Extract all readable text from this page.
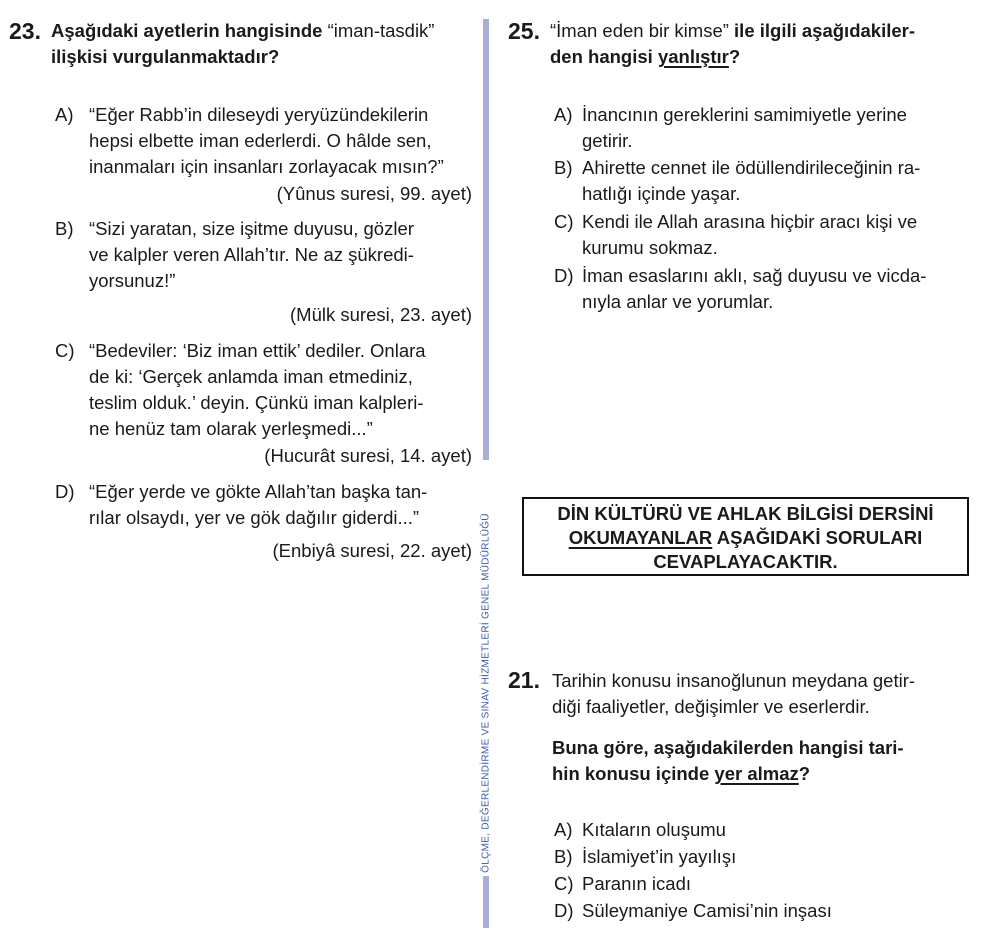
23. Aşağıdaki ayetlerin hangisinde “iman-tasdik”
ilişkisi vurgulanmaktadır?
A) “Eğer Rabb’in dileseydi yeryüzündekilerin
hepsi elbette iman ederlerdi. O hâlde sen,
inanmaları için insanları zorlayacak mısın?”
(Yûnus suresi, 99. ayet)
B) “Sizi yaratan, size işitme duyusu, gözler
ve kalpler veren Allah’tır. Ne az şükredi-
yorsunuz!”
(Mülk suresi, 23. ayet)
C) “Bedeviler: ‘Biz iman ettik’ dediler. Onlara
de ki: ‘Gerçek anlamda iman etmediniz,
teslim olduk.’ deyin. Çünkü iman kalpleri-
ne henüz tam olarak yerleşmedi...”
(Hucurât suresi, 14. ayet)
D) “Eğer yerde ve gökte Allah’tan başka tan-
rılar olsaydı, yer ve gök dağılır giderdi...”
(Enbiyâ suresi, 22. ayet) ÖLÇME, DEĞERLENDİRME VE SINAV HİZMETLERİ GENEL MÜDÜRLÜĞÜ
25. “İman eden bir kimse” ile ilgili aşağıdakiler-
den hangisi yanlıştır?
A) İnancının gereklerini samimiyetle yerine
getirir.
B) Ahirette cennet ile ödüllendirileceğinin ra-
hatlığı içinde yaşar.
C) Kendi ile Allah arasına hiçbir aracı kişi ve
kurumu sokmaz.
D) İman esaslarını aklı, sağ duyusu ve vicda-
nıyla anlar ve yorumlar.
DİN KÜLTÜRÜ VE AHLAK BİLGİSİ DERSİNİ
OKUMAYANLAR AŞAĞIDAKİ SORULARI
CEVAPLAYACAKTIR.
21. Tarihin konusu insanoğlunun meydana getir-
diği faaliyetler, değişimler ve eserlerdir.
Buna göre, aşağıdakilerden hangisi tari-
hin konusu içinde yer almaz?
A) Kıtaların oluşumu
B) İslamiyet’in yayılışı
C) Paranın icadı
D) Süleymaniye Camisi’nin inşası
